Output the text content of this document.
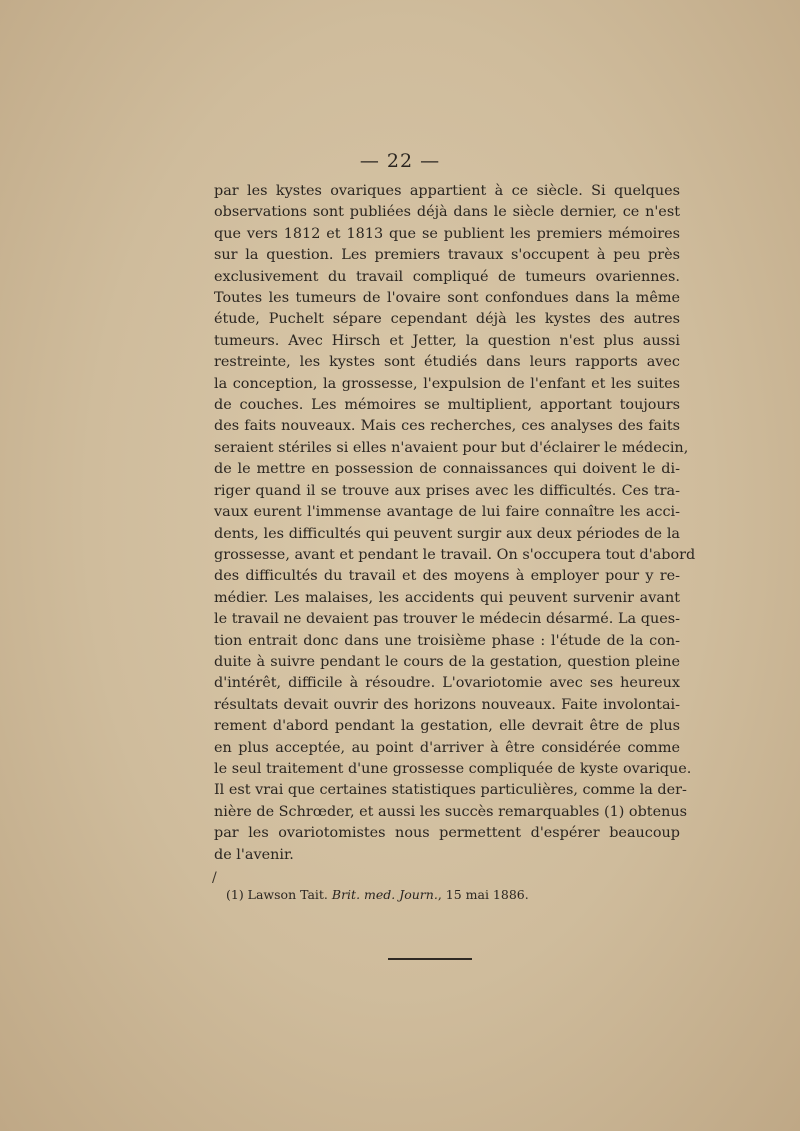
— 22 —
par les kystes ovariques appartient à ce siècle. Si quelques
observations sont publiées déjà dans le siècle dernier, ce n'est
que vers 1812 et 1813 que se publient les premiers mémoires
sur la question. Les premiers travaux s'occupent à peu près
exclusivement du travail compliqué de tumeurs ovariennes.
Toutes les tumeurs de l'ovaire sont confondues dans la même
étude, Puchelt sépare cependant déjà les kystes des autres
tumeurs. Avec Hirsch et Jetter, la question n'est plus aussi
restreinte, les kystes sont étudiés dans leurs rapports avec
la conception, la grossesse, l'expulsion de l'enfant et les suites
de couches. Les mémoires se multiplient, apportant toujours
des faits nouveaux. Mais ces recherches, ces analyses des faits
seraient stériles si elles n'avaient pour but d'éclairer le médecin,
de le mettre en possession de connaissances qui doivent le di-
riger quand il se trouve aux prises avec les difficultés. Ces tra-
vaux eurent l'immense avantage de lui faire connaître les acci-
dents, les difficultés qui peuvent surgir aux deux périodes de la
grossesse, avant et pendant le travail. On s'occupera tout d'abord
des difficultés du travail et des moyens à employer pour y re-
médier. Les malaises, les accidents qui peuvent survenir avant
le travail ne devaient pas trouver le médecin désarmé. La ques-
tion entrait donc dans une troisième phase : l'étude de la con-
duite à suivre pendant le cours de la gestation, question pleine
d'intérêt, difficile à résoudre. L'ovariotomie avec ses heureux
résultats devait ouvrir des horizons nouveaux. Faite involontai-
rement d'abord pendant la gestation, elle devrait être de plus
en plus acceptée, au point d'arriver à être considérée comme
le seul traitement d'une grossesse compliquée de kyste ovarique.
Il est vrai que certaines statistiques particulières, comme la der-
nière de Schrœder, et aussi les succès remarquables (1) obtenus
par les ovariotomistes nous permettent d'espérer beaucoup
de l'avenir.
/
(1) Lawson Tait. Brit. med. Journ., 15 mai 1886.
